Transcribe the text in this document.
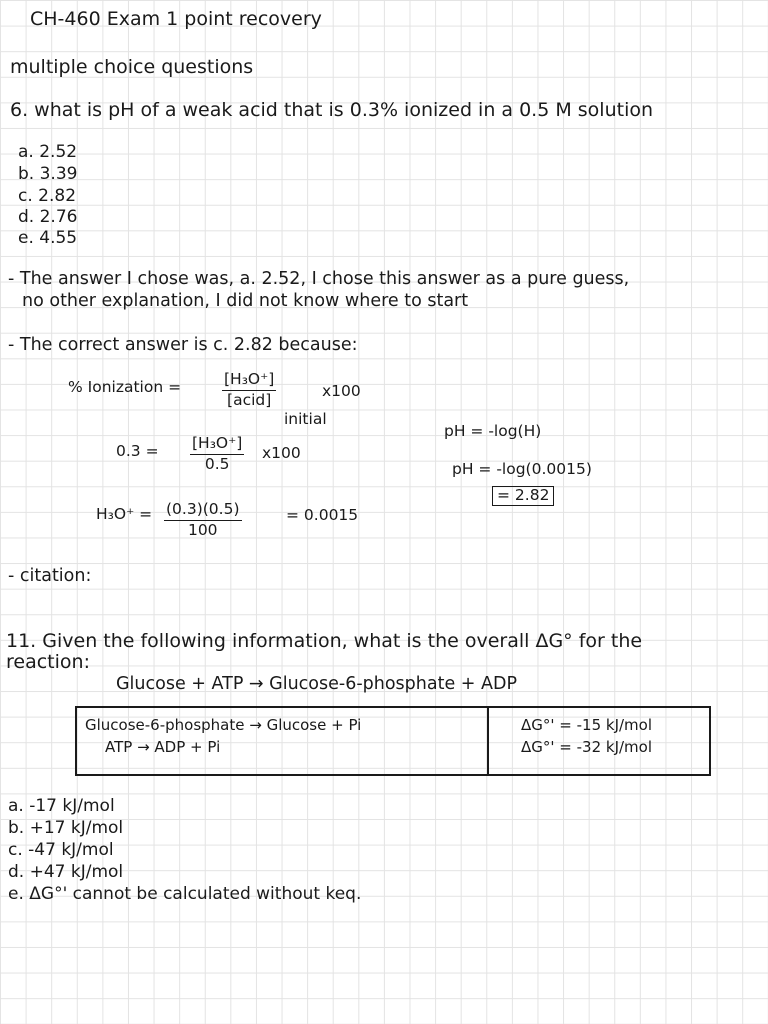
CH-460 Exam 1 point recovery
multiple choice questions
6. what is pH of a weak acid that is 0.3% ionized in a 0.5 M solution
a. 2.52
b. 3.39
c. 2.82
d. 2.76
e. 4.55
- The answer I chose was, a. 2.52, I chose this answer as a pure guess,
no other explanation, I did not know where to start
- The correct answer is c. 2.82 because:
% Ionization =	[H₃O⁺]
[acid]
initial
x100
$0.3 = \frac{\text{[H₃O⁺]}}{0.5} x100$
$H_3O^+ = \frac{(0.3)(0.5)}{100}$	= 0.0015
pH = -log(H)
pH = -log(0.0015)
= 2.82
- citation:
11. Given the following information, what is the overall ΔG° for the
reaction:
Glucose + ATP → Glucose-6-phosphate + ADP
Glucose-6-phosphate → Glucose + Pi
ATP → ADP + Pi
ΔG°' = -15 kJ/mol
ΔG°' = -32 kJ/mol
a. -17 kJ/mol
b. +17 kJ/mol
c. -47 kJ/mol
d. +47 kJ/mol
e. ΔG°' cannot be calculated without keq.
